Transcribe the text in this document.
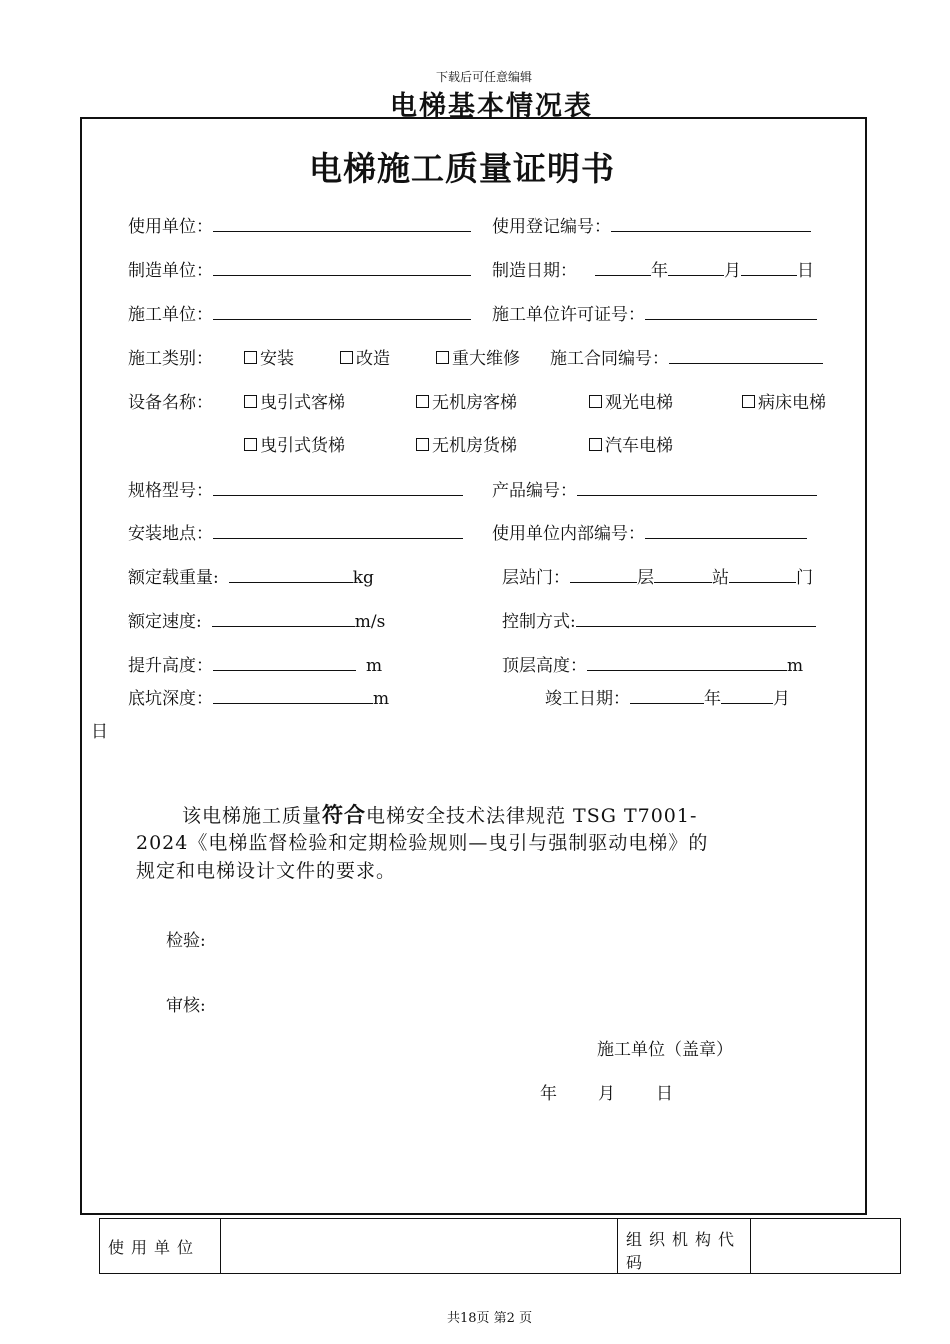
下载后可任意编辑
电梯基本情况表
电梯施工质量证明书
使用单位：	使用登记编号：
制造单位：	制造日期：	年	月	日
施工单位：	施工单位许可证号：
施工类别：	安装	改造	重大维修 施工合同编号：
设备名称：	曳引式客梯	无机房客梯	观光电梯	病床电梯
曳引式货梯	无机房货梯	汽车电梯
规格型号：	产品编号：
安装地点：	使用单位内部编号：
额定载重量:	kg	层站门：	层	站	门
额定速度:	m/s	控制方式:
提升高度：	m	顶层高度：	m
底坑深度：	m	竣工日期：	年	月
日
该电梯施工质量符合电梯安全技术法律规范 TSG T7001-
2024《电梯监督检验和定期检验规则—曳引与强制驱动电梯》的
规定和电梯设计文件的要求。
检验:
审核:
施工单位（盖章）
年 月 日
使用单位		组织机构代码	
共18页 第2 页
